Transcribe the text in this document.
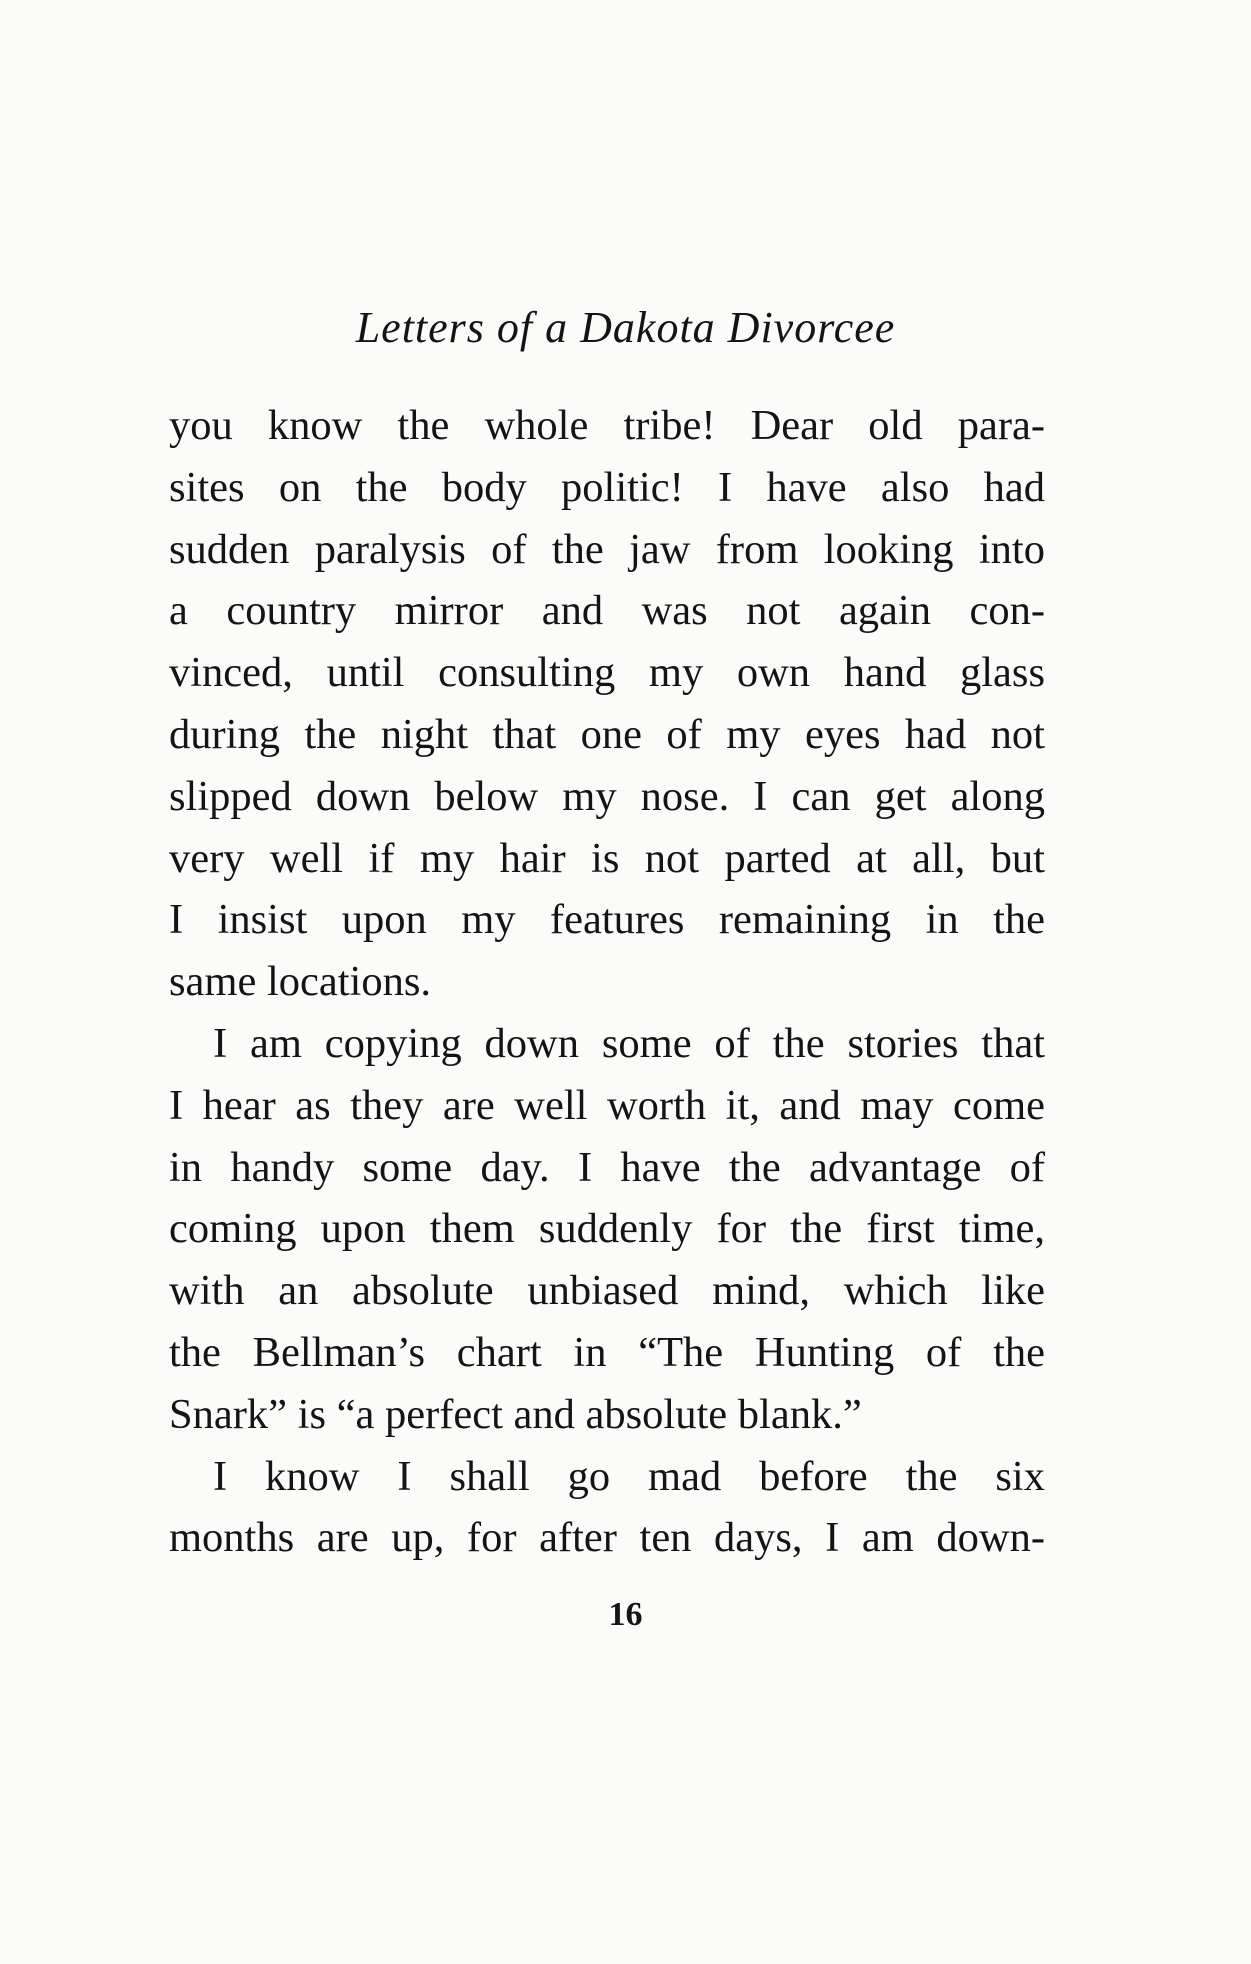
Letters of a Dakota Divorcee
you know the whole tribe! Dear old para-
sites on the body politic! I have also had
sudden paralysis of the jaw from looking into
a country mirror and was not again con-
vinced, until consulting my own hand glass
during the night that one of my eyes had not
slipped down below my nose. I can get along
very well if my hair is not parted at all, but
I insist upon my features remaining in the
same locations.
I am copying down some of the stories that
I hear as they are well worth it, and may come
in handy some day. I have the advantage of
coming upon them suddenly for the first time,
with an absolute unbiased mind, which like
the Bellman’s chart in “The Hunting of the
Snark” is “a perfect and absolute blank.”
I know I shall go mad before the six
months are up, for after ten days, I am down-
16
